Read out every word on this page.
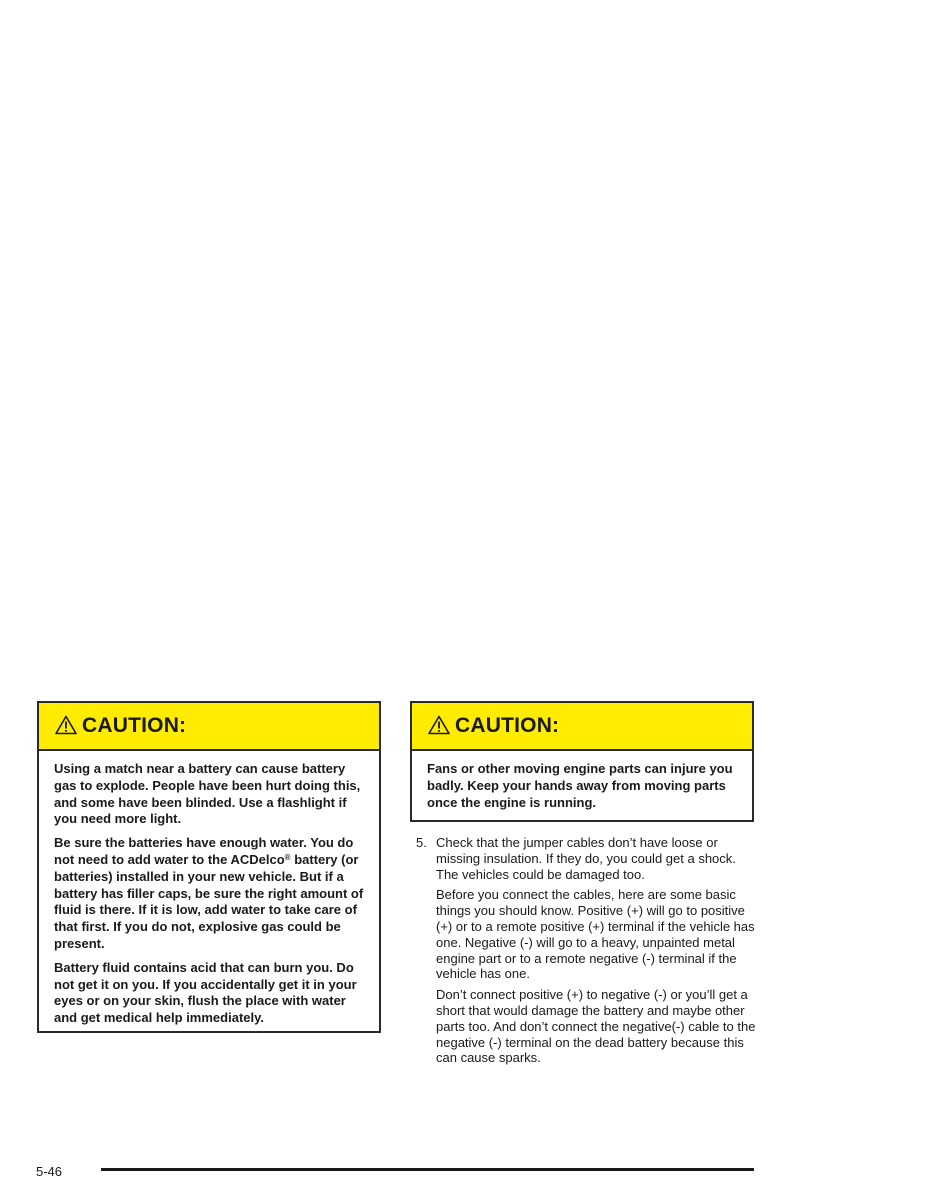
CAUTION:

Using a match near a battery can cause battery gas to explode. People have been hurt doing this, and some have been blinded. Use a flashlight if you need more light.

Be sure the batteries have enough water. You do not need to add water to the ACDelco® battery (or batteries) installed in your new vehicle. But if a battery has filler caps, be sure the right amount of fluid is there. If it is low, add water to take care of that first. If you do not, explosive gas could be present.

Battery fluid contains acid that can burn you. Do not get it on you. If you accidentally get it in your eyes or on your skin, flush the place with water and get medical help immediately.

CAUTION:

Fans or other moving engine parts can injure you badly. Keep your hands away from moving parts once the engine is running.

5. Check that the jumper cables don’t have loose or missing insulation. If they do, you could get a shock. The vehicles could be damaged too.

Before you connect the cables, here are some basic things you should know. Positive (+) will go to positive (+) or to a remote positive (+) terminal if the vehicle has one. Negative (-) will go to a heavy, unpainted metal engine part or to a remote negative (-) terminal if the vehicle has one.

Don’t connect positive (+) to negative (-) or you’ll get a short that would damage the battery and maybe other parts too. And don’t connect the negative(-) cable to the negative (-) terminal on the dead battery because this can cause sparks.

5-46
